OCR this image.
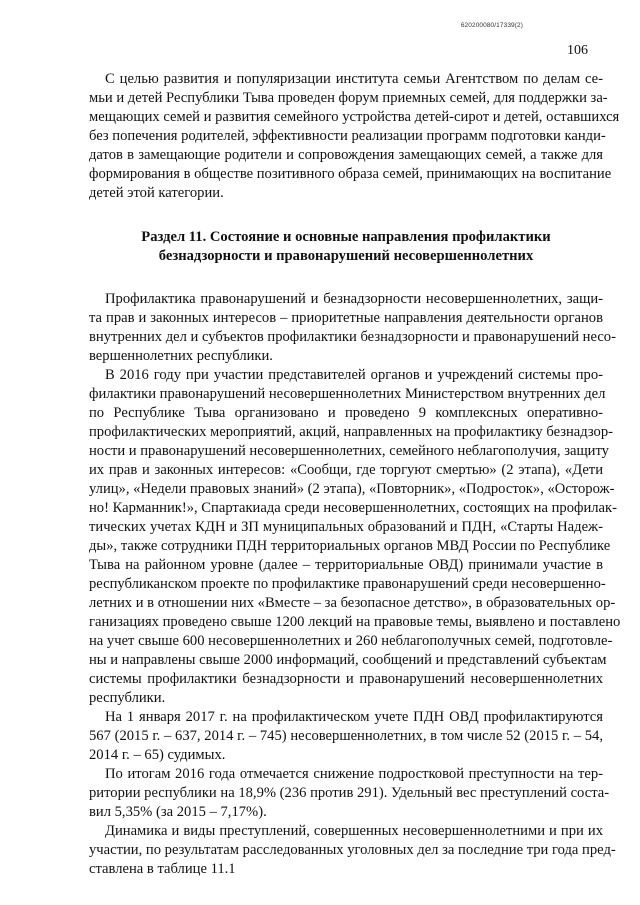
620200080/17339(2)
106

С целью развития и популяризации института семьи Агентством по делам се-
мьи и детей Республики Тыва проведен форум приемных семей, для поддержки за-
мещающих семей и развития семейного устройства детей-сирот и детей, оставшихся
без попечения родителей, эффективности реализации программ подготовки канди-
датов в замещающие родители и сопровождения замещающих семей, а также для
формирования в обществе позитивного образа семей, принимающих на воспитание
детей этой категории.

Раздел 11. Состояние и основные направления профилактики

безнадзорности и правонарушений несовершеннолетних

Профилактика правонарушений и безнадзорности несовершеннолетних, защи-
та прав и законных интересов – приоритетные направления деятельности органов
внутренних дел и субъектов профилактики безнадзорности и правонарушений несо-
вершеннолетних республики.

В 2016 году при участии представителей органов и учреждений системы про-
филактики правонарушений несовершеннолетних Министерством внутренних дел
по Республике Тыва организовано и проведено 9 комплексных оперативно-
профилактических мероприятий, акций, направленных на профилактику безнадзор-
ности и правонарушений несовершеннолетних, семейного неблагополучия, защиту
их прав и законных интересов: «Сообщи, где торгуют смертью» (2 этапа), «Дети
улиц», «Недели правовых знаний» (2 этапа), «Повторник», «Подросток», «Осторож-
но! Карманник!», Спартакиада среди несовершеннолетних, состоящих на профилак-
тических учетах КДН и ЗП муниципальных образований и ПДН, «Старты Надеж-
ды», также сотрудники ПДН территориальных органов МВД России по Республике
Тыва на районном уровне (далее – территориальные ОВД) принимали участие в
республиканском проекте по профилактике правонарушений среди несовершенно-
летних и в отношении них «Вместе – за безопасное детство», в образовательных ор-
ганизациях проведено свыше 1200 лекций на правовые темы, выявлено и поставлено
на учет свыше 600 несовершеннолетних и 260 неблагополучных семей, подготовле-
ны и направлены свыше 2000 информаций, сообщений и представлений субъектам
системы профилактики безнадзорности и правонарушений несовершеннолетних
республики.

На 1 января 2017 г. на профилактическом учете ПДН ОВД профилактируются
567 (2015 г. – 637, 2014 г. – 745) несовершеннолетних, в том числе 52 (2015 г. – 54,
2014 г. – 65) судимых.

По итогам 2016 года отмечается снижение подростковой преступности на тер-
ритории республики на 18,9% (236 против 291). Удельный вес преступлений соста-
вил 5,35% (за 2015 – 7,17%).

Динамика и виды преступлений, совершенных несовершеннолетними и при их
участии, по результатам расследованных уголовных дел за последние три года пред-
ставлена в таблице 11.1
